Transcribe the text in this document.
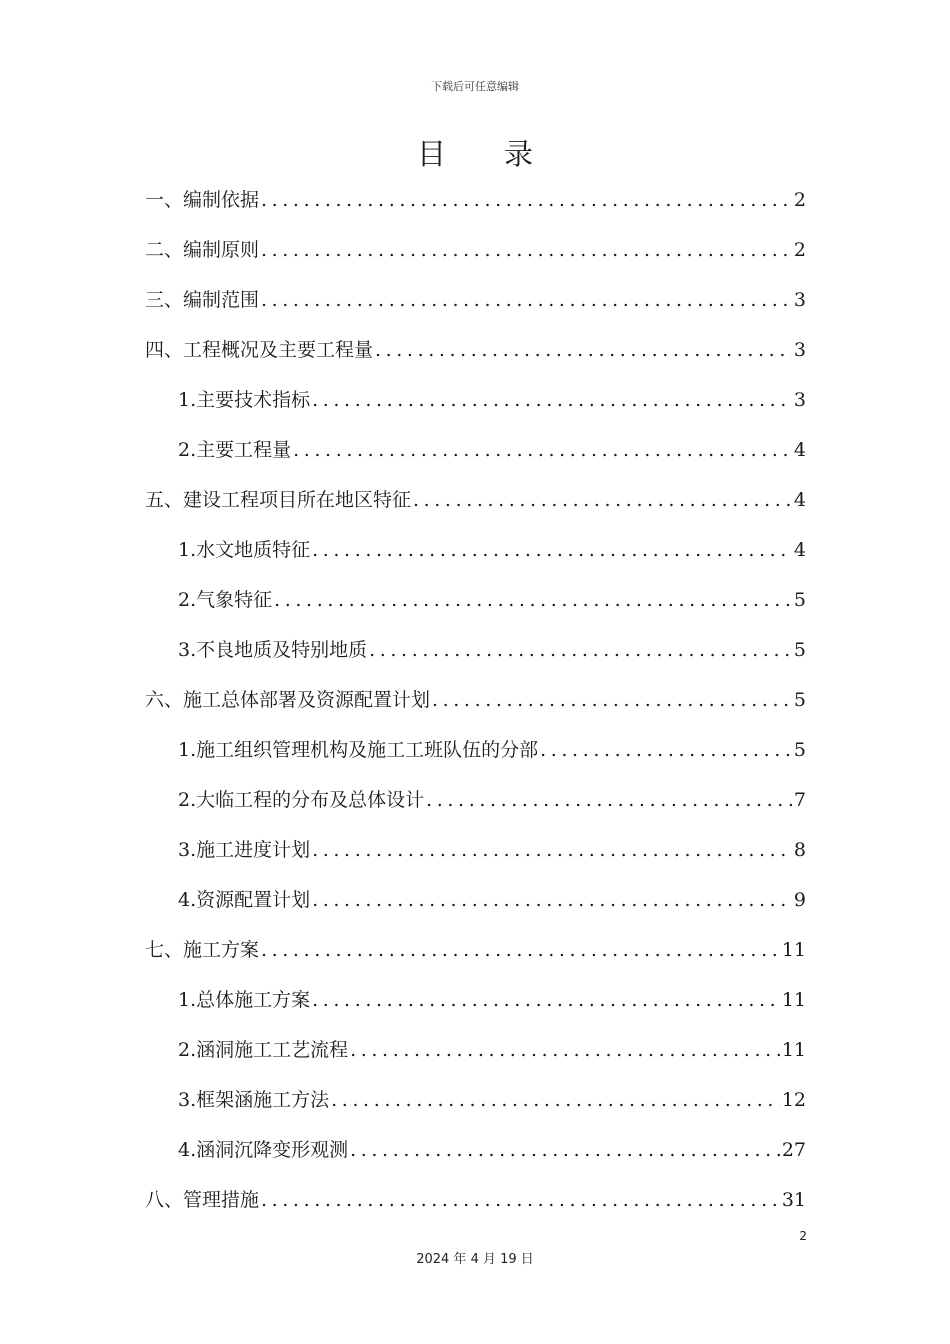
下载后可任意编辑
目录
一、编制依据 .....	2
二、编制原则 .....	2
三、编制范围 .....	3
四、工程概况及主要工程量 .....	3
1.主要技术指标 .....	3
2.主要工程量 .....	4
五、建设工程项目所在地区特征 .....	4
1.水文地质特征 .....	4
2.气象特征 .....	5
3.不良地质及特别地质 .....	5
六、施工总体部署及资源配置计划 .....	5
1.施工组织管理机构及施工工班队伍的分部 .....	5
2.大临工程的分布及总体设计 .....	7
3.施工进度计划 .....	8
4.资源配置计划 .....	9
七、施工方案 .....	11
1.总体施工方案 .....	11
2.涵洞施工工艺流程 .....	11
3.框架涵施工方法 .....	12
4.涵洞沉降变形观测 .....	27
八、管理措施 .....	31
2
2024 年 4 月 19 日
